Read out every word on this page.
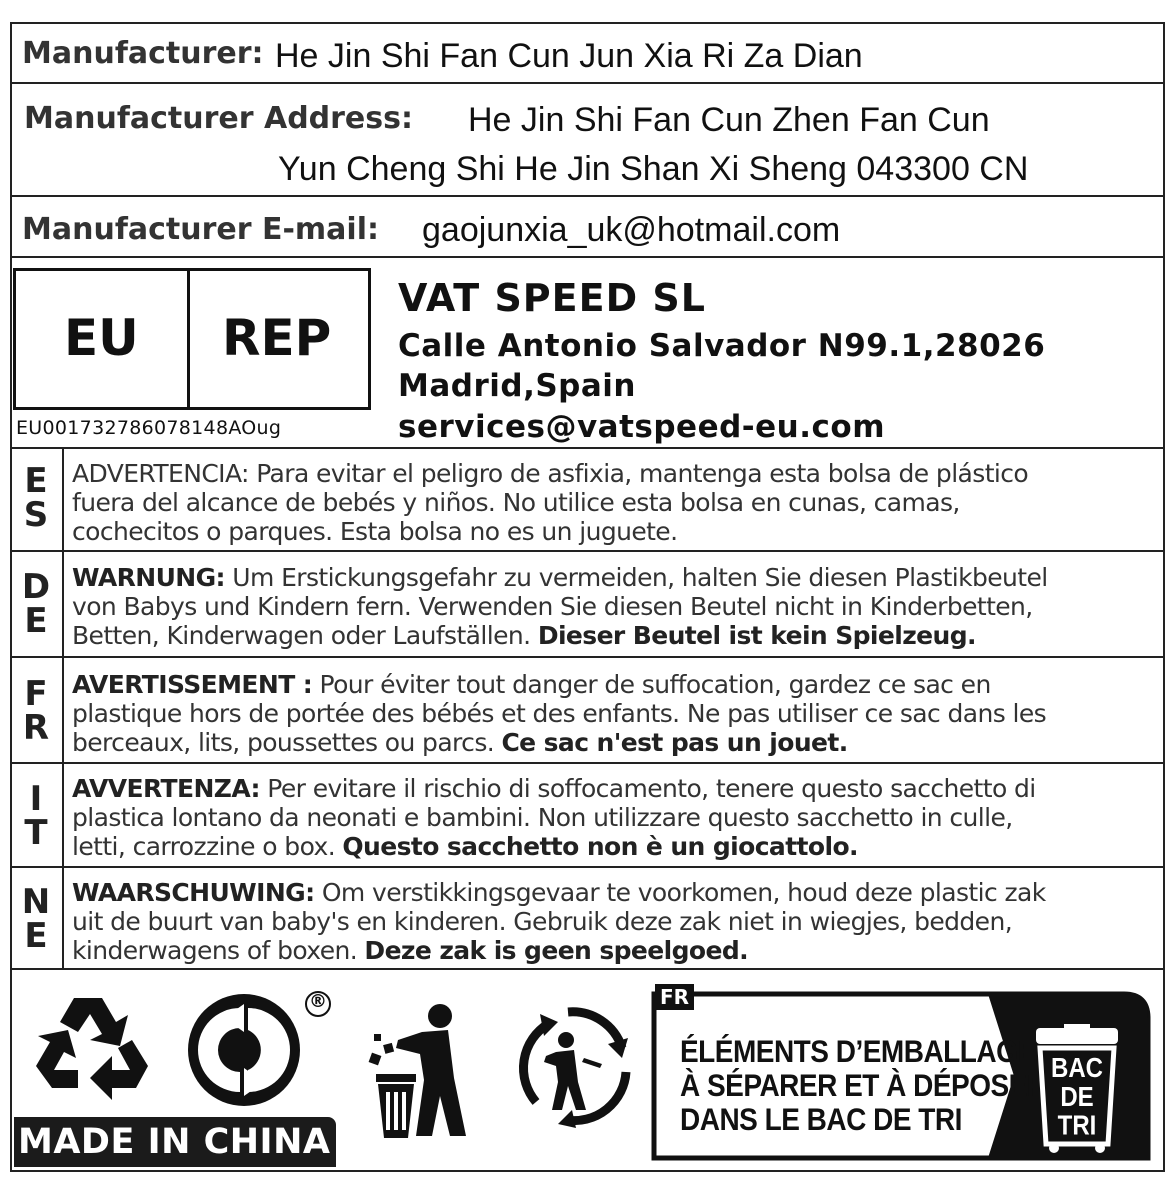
Manufacturer: He Jin Shi Fan Cun Jun Xia Ri Za Dian
Manufacturer Address: He Jin Shi Fan Cun Zhen Fan Cun
Yun Cheng Shi He Jin Shan Xi Sheng 043300 CN
Manufacturer E-mail: gaojunxia_uk@hotmail.com
EU REP
EU001732786078148AOug
VAT SPEED SL
Calle Antonio Salvador N99.1,28026
Madrid,Spain
services@vatspeed-eu.com
E
S
ADVERTENCIA: Para evitar el peligro de asfixia, mantenga esta bolsa de plástico
fuera del alcance de bebés y niños. No utilice esta bolsa en cunas, camas,
cochecitos o parques. Esta bolsa no es un juguete.
D
E
WARNUNG: Um Erstickungsgefahr zu vermeiden, halten Sie diesen Plastikbeutel
von Babys und Kindern fern. Verwenden Sie diesen Beutel nicht in Kinderbetten,
Betten, Kinderwagen oder Laufställen. Dieser Beutel ist kein Spielzeug.
F
R
AVERTISSEMENT : Pour éviter tout danger de suffocation, gardez ce sac en
plastique hors de portée des bébés et des enfants. Ne pas utiliser ce sac dans les
berceaux, lits, poussettes ou parcs. Ce sac n'est pas un jouet.
I
T
AVVERTENZA: Per evitare il rischio di soffocamento, tenere questo sacchetto di
plastica lontano da neonati e bambini. Non utilizzare questo sacchetto in culle,
letti, carrozzine o box. Questo sacchetto non è un giocattolo.
N
E
WAARSCHUWING: Om verstikkingsgevaar te voorkomen, houd deze plastic zak
uit de buurt van baby's en kinderen. Gebruik deze zak niet in wiegjes, bedden,
kinderwagens of boxen. Deze zak is geen speelgoed.
®	FR
ÉLÉMENTS D’EMBALLAGE
À SÉPARER ET À DÉPOSER
DANS LE BAC DE TRI
BAC
DE
TRI
MADE IN CHINA
